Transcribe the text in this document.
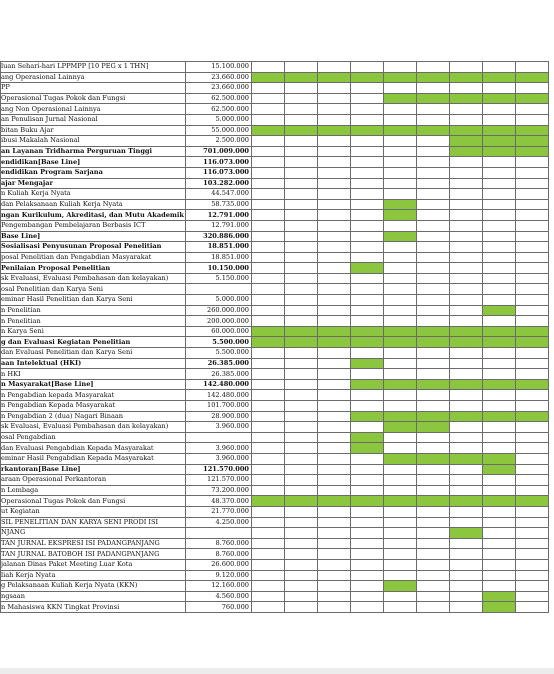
luan Sehari-hari LPPMPP [10 PEG x 1 THN]	15.100.000									
ang Operasional Lainnya	23.660.000									
PP	23.660.000									
Operasional Tugas Pokok dan Fungsi	62.500.000									
ang Non Operasional Lainnya	62.500.000									
an Penulisan Jurnal Nasional	5.000.000									
bitan Buku Ajar	55.000.000									
ibusi Makalah Nasional	2.500.000									
an Layanan Tridharma Perguruan Tinggi	701.009.000									
endidikan[Base Line]	116.073.000									
endidikan Program Sarjana	116.073.000									
ajar Mengajar	103.282.000									
n Kuliah Kerja Nyata	44.547.000									
dan Pelaksanaan Kuliah Kerja Nyata	58.735.000									
ngan Kurikulum, Akreditasi, dan Mutu Akademik	12.791.000									
Pengembangan Pembelajaran Berbasis ICT	12.791.000									
Base Line]	320.886.000									
Sosialisasi Penyusunan Proposal Penelitian	18.851.000									
posal Penelitian dan Pengabdian Masyarakat	18.851.000									
Penilaian Proposal Penelitian	10.150.000									
sk Evaluasi, Evaluasi Pembahasan dan kelayakan)	5.150.000									
osal Penelitian dan Karya Seni										
eminar Hasil Penelitian dan Karya Seni	5.000.000									
n Penelitian	260.000.000									
n Penelitian	200.000.000									
n Karya Seni	60.000.000									
g dan Evaluasi Kegiatan Penelitian	5.500.000									
dan Evaluasi Penelitian dan Karya Seni	5.500.000									
aan Intelektual (HKI)	26.385.000									
n HKI	26.385.000									
n Masyarakat[Base Line]	142.480.000									
n Pengabdian kepada Masyarakat	142.480.000									
n Pengabdian Kepada Masyarakat	101.700.000									
n Pengabdian 2 (dua) Nagari Binaan	28.900.000									
sk Evaluasi, Evaluasi Pembahasan dan kelayakan)	3.960.000									
osal Pengabdian										
dan Evaluasi Pengabdian Kepada Masyarakat	3.960.000									
eminar Hasil Pengabdian Kepada Masyarakat	3.960.000									
rkantoran[Base Line]	121.570.000									
araan Operasional Perkantoran	121.570.000									
n Lembaga	73.200.000									
Operasional Tugas Pokok dan Fungsi	48.370.000									
ut Kegiatan	21.770.000									
SIL PENELITIAN DAN KARYA SENI PRODI ISI	4.250.000									
NJANG										
TAN JURNAL EKSPRESI ISI PADANGPANJANG	8.760.000									
TAN JURNAL BATOBOH ISI PADANGPANJANG	8.760.000									
jalanan Dinas Paket Meeting Luar Kota	26.600.000									
liah Kerja Nyata	9.120.000									
g Pelaksanaan Kuliah Kerja Nyata (KKN)	12.160.000									
ngsaan	4.560.000									
n Mahasiswa KKN Tingkat Provinsi	760.000									
